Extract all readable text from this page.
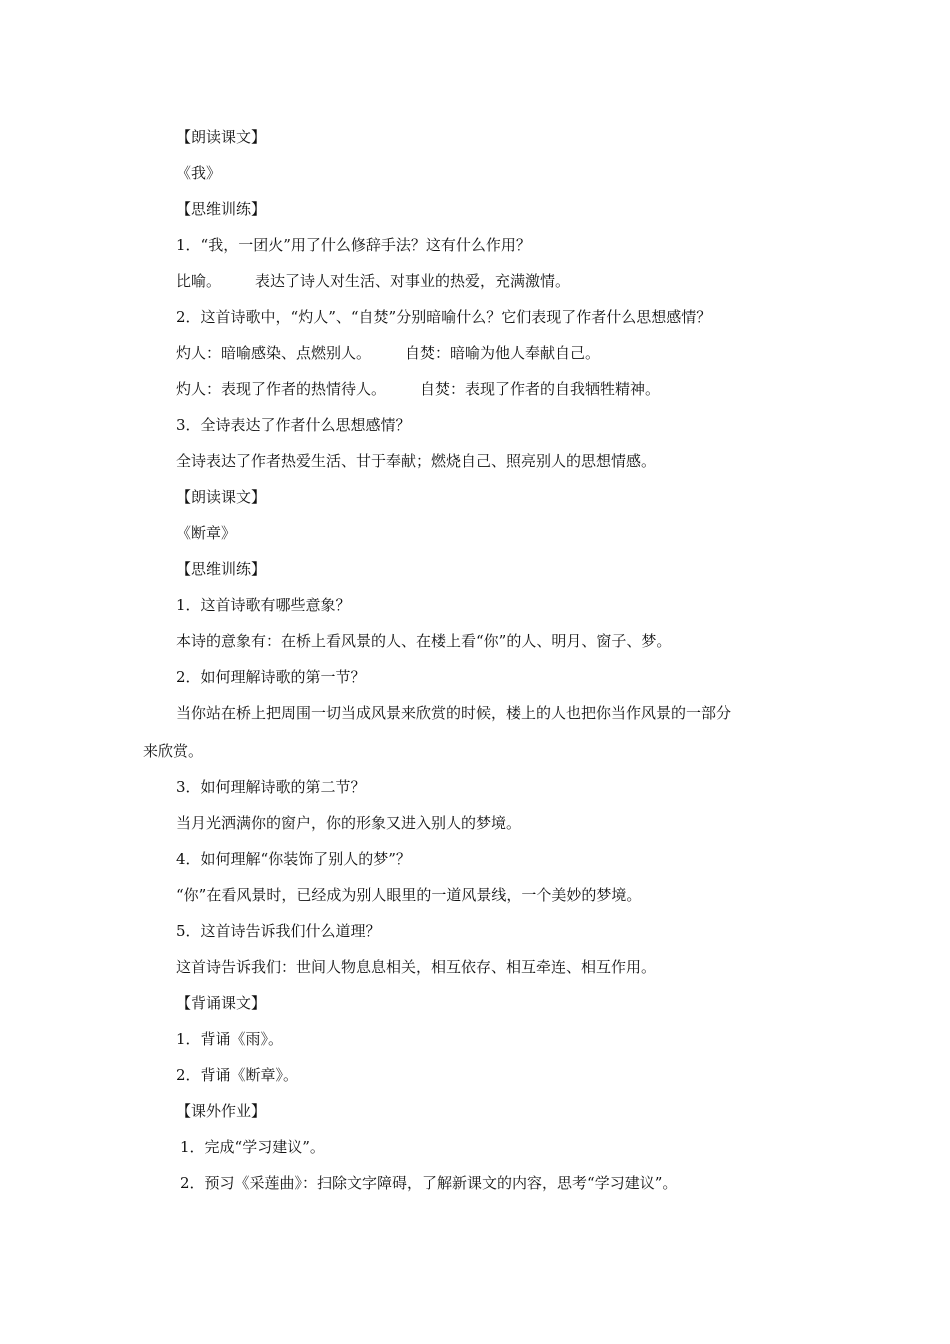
【朗读课文】

《我》

【思维训练】

1．“我，一团火”用了什么修辞手法？这有什么作用？

比喻。 表达了诗人对生活、对事业的热爱，充满激情。

2．这首诗歌中，“灼人”、“自焚”分别暗喻什么？它们表现了作者什么思想感情？

灼人：暗喻感染、点燃别人。 自焚：暗喻为他人奉献自己。

灼人：表现了作者的热情待人。 自焚：表现了作者的自我牺牲精神。

3．全诗表达了作者什么思想感情？

全诗表达了作者热爱生活、甘于奉献；燃烧自己、照亮别人的思想情感。

【朗读课文】

《断章》

【思维训练】

1．这首诗歌有哪些意象？

本诗的意象有：在桥上看风景的人、在楼上看“你”的人、明月、窗子、梦。

2．如何理解诗歌的第一节？

当你站在桥上把周围一切当成风景来欣赏的时候，楼上的人也把你当作风景的一部分

来欣赏。

3．如何理解诗歌的第二节？

当月光洒满你的窗户，你的形象又进入别人的梦境。

4．如何理解“你装饰了别人的梦”？

“你”在看风景时，已经成为别人眼里的一道风景线，一个美妙的梦境。

5．这首诗告诉我们什么道理？

这首诗告诉我们：世间人物息息相关，相互依存、相互牵连、相互作用。

【背诵课文】

1．背诵《雨》。

2．背诵《断章》。

【课外作业】

1．完成“学习建议”。

2．预习《采莲曲》：扫除文字障碍，了解新课文的内容，思考“学习建议”。
